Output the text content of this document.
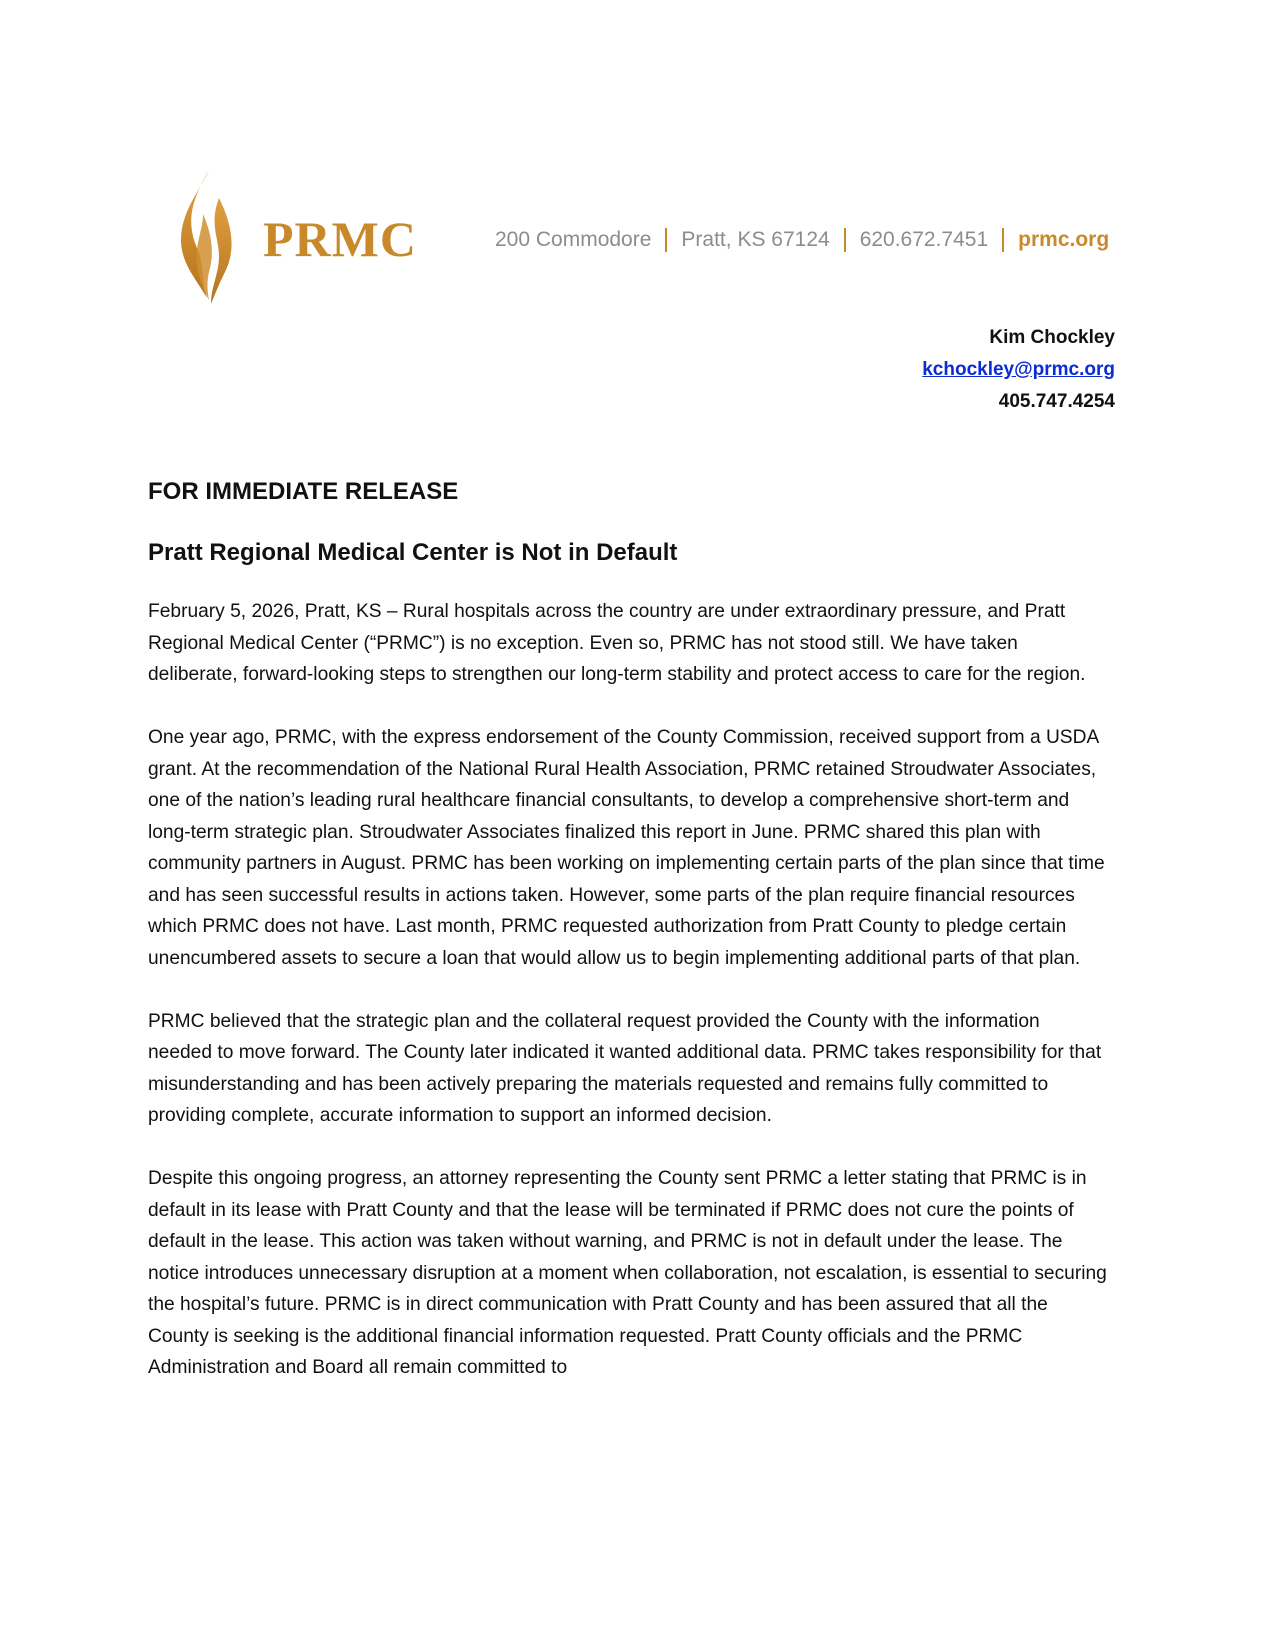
PRMC	200 Commodore Pratt, KS 67124 620.672.7451 prmc.org
Kim Chockley
kchockley@prmc.org
405.747.4254
FOR IMMEDIATE RELEASE
Pratt Regional Medical Center is Not in Default

February 5, 2026, Pratt, KS – Rural hospitals across the country are under extraordinary pressure, and Pratt Regional Medical Center (“PRMC”) is no exception. Even so, PRMC has not stood still. We have taken deliberate, forward-looking steps to strengthen our long-term stability and protect access to care for the region.

One year ago, PRMC, with the express endorsement of the County Commission, received support from a USDA grant. At the recommendation of the National Rural Health Association, PRMC retained Stroudwater Associates, one of the nation’s leading rural healthcare financial consultants, to develop a comprehensive short-term and long-term strategic plan. Stroudwater Associates finalized this report in June. PRMC shared this plan with community partners in August. PRMC has been working on implementing certain parts of the plan since that time and has seen successful results in actions taken. However, some parts of the plan require financial resources which PRMC does not have. Last month, PRMC requested authorization from Pratt County to pledge certain unencumbered assets to secure a loan that would allow us to begin implementing additional parts of that plan.

PRMC believed that the strategic plan and the collateral request provided the County with the information needed to move forward. The County later indicated it wanted additional data. PRMC takes responsibility for that misunderstanding and has been actively preparing the materials requested and remains fully committed to providing complete, accurate information to support an informed decision.

Despite this ongoing progress, an attorney representing the County sent PRMC a letter stating that PRMC is in default in its lease with Pratt County and that the lease will be terminated if PRMC does not cure the points of default in the lease. This action was taken without warning, and PRMC is not in default under the lease. The notice introduces unnecessary disruption at a moment when collaboration, not escalation, is essential to securing the hospital’s future. PRMC is in direct communication with Pratt County and has been assured that all the County is seeking is the additional financial information requested. Pratt County officials and the PRMC Administration and Board all remain committed to
